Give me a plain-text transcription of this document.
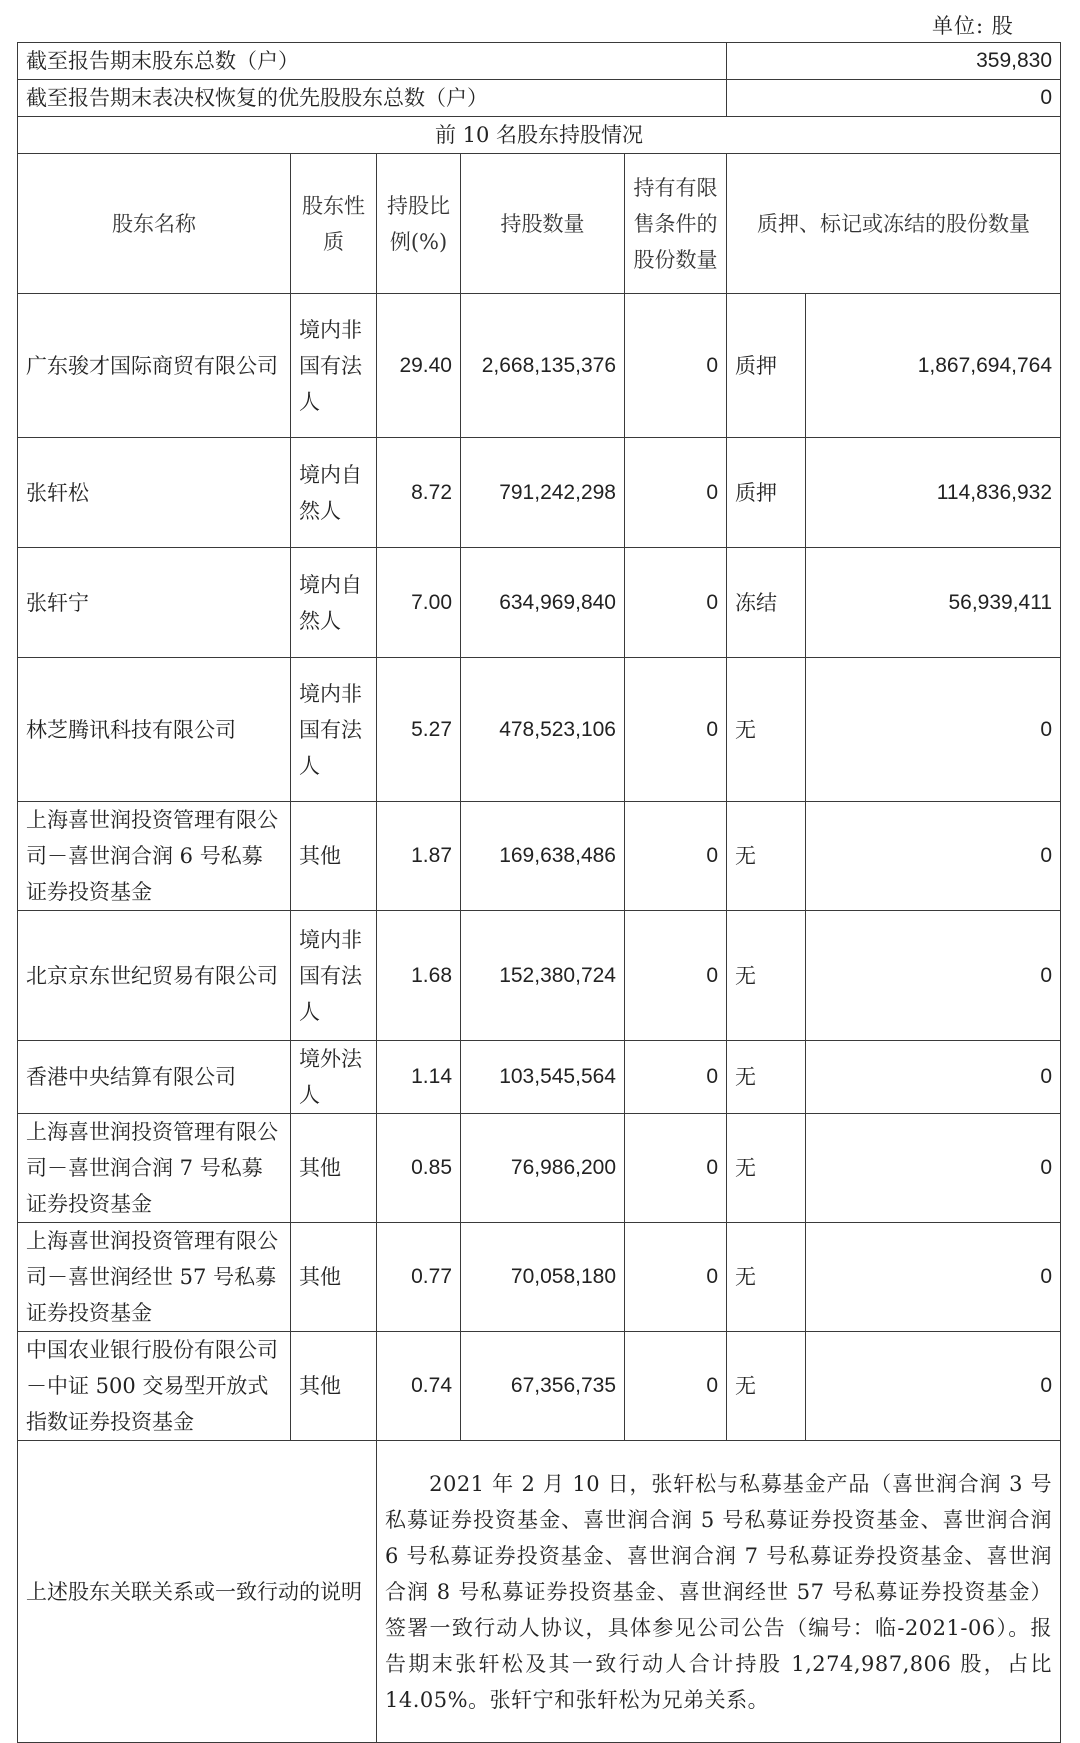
单位: 股
截至报告期末股东总数（户）					359,830	
截至报告期末表决权恢复的优先股股东总数（户）					0	
前 10 名股东持股情况						
股东名称	股东性质	持股比例(%)	持股数量	持有有限售条件的股份数量	质押、标记或冻结的股份数量	
广东骏才国际商贸有限公司	境内非国有法人	29.40	2,668,135,376	0	质押	1,867,694,764
张轩松	境内自然人	8.72	791,242,298	0	质押	114,836,932
张轩宁	境内自然人	7.00	634,969,840	0	冻结	56,939,411
林芝腾讯科技有限公司	境内非国有法人	5.27	478,523,106	0	无	0
上海喜世润投资管理有限公司－喜世润合润 6 号私募证券投资基金	其他	1.87	169,638,486	0	无	0
北京京东世纪贸易有限公司	境内非国有法人	1.68	152,380,724	0	无	0
香港中央结算有限公司	境外法人	1.14	103,545,564	0	无	0
上海喜世润投资管理有限公司－喜世润合润 7 号私募证券投资基金	其他	0.85	76,986,200	0	无	0
上海喜世润投资管理有限公司－喜世润经世 57 号私募证券投资基金	其他	0.77	70,058,180	0	无	0
中国农业银行股份有限公司－中证 500 交易型开放式指数证券投资基金	其他	0.74	67,356,735	0	无	0
上述股东关联关系或一致行动的说明		2021 年 2 月 10 日，张轩松与私募基金产品（喜世润合润 3 号私募证券投资基金、喜世润合润 5 号私募证券投资基金、喜世润合润 6 号私募证券投资基金、喜世润合润 7 号私募证券投资基金、喜世润合润 8 号私募证券投资基金、喜世润经世 57 号私募证券投资基金）签署一致行动人协议，具体参见公司公告（编号：临-2021-06）。报告期末张轩松及其一致行动人合计持股 1,274,987,806 股，占比 14.05%。张轩宁和张轩松为兄弟关系。				
